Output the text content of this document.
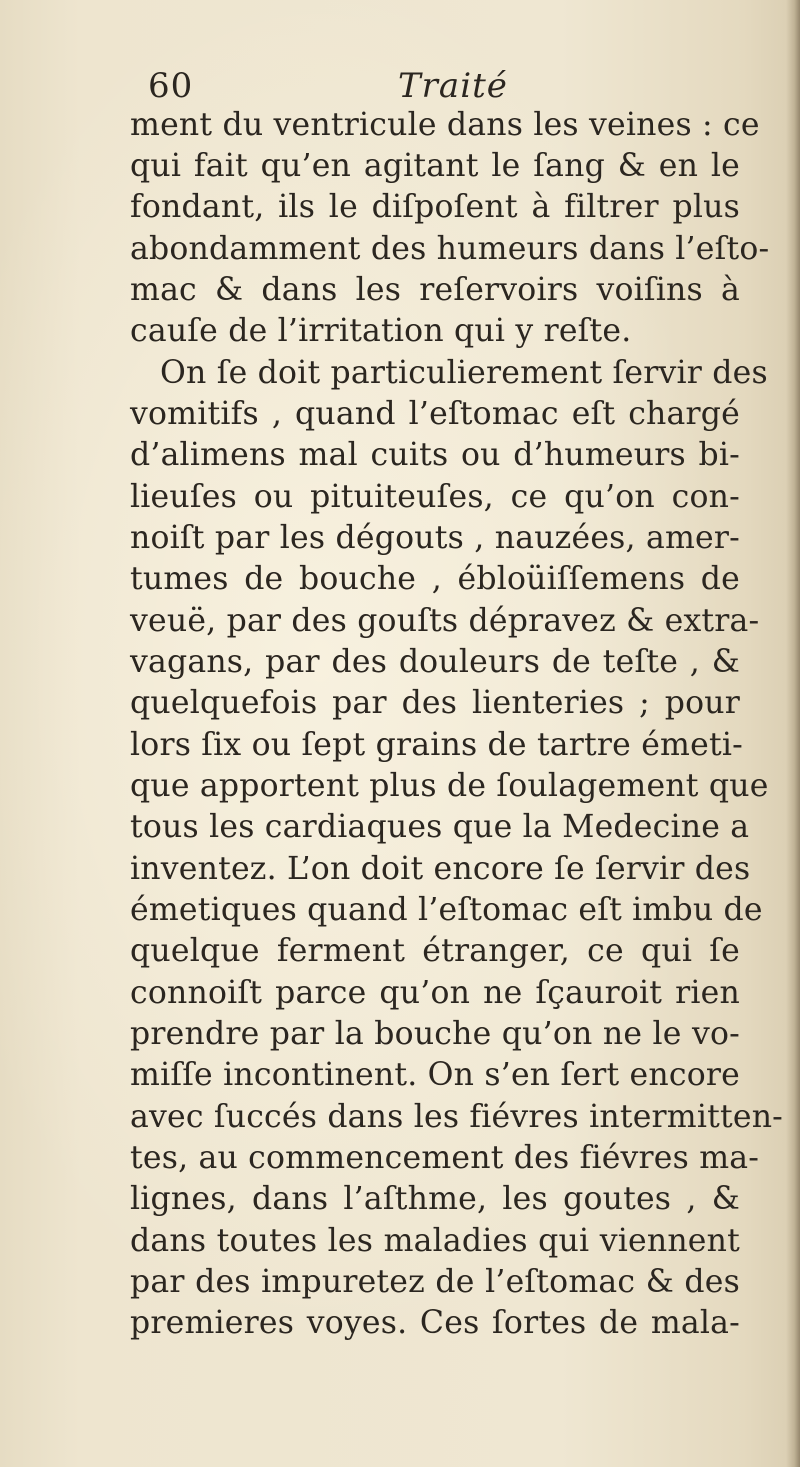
60	Traité
ment du ventricule dans les veines : ce
qui fait qu’en agitant le ſang & en le
fondant, ils le diſpoſent à filtrer plus
abondamment des humeurs dans l’eſto-
mac & dans les reſervoirs voiſins à
cauſe de l’irritation qui y reſte.
On ſe doit particulierement ſervir des
vomitifs , quand l’eſtomac eſt chargé
d’alimens mal cuits ou d’humeurs bi-
lieuſes ou pituiteuſes, ce qu’on con-
noiſt par les dégouts , nauzées, amer-
tumes de bouche , ébloüiſſemens de
veuë, par des gouſts dépravez & extra-
vagans, par des douleurs de teſte , &
quelquefois par des lienteries ; pour
lors ſix ou ſept grains de tartre émeti-
que apportent plus de ſoulagement que
tous les cardiaques que la Medecine a
inventez. L’on doit encore ſe ſervir des
émetiques quand l’eſtomac eſt imbu de
quelque ferment étranger, ce qui ſe
connoiſt parce qu’on ne ſçauroit rien
prendre par la bouche qu’on ne le vo-
miſſe incontinent. On s’en ſert encore
avec ſuccés dans les fiévres intermitten-
tes, au commencement des fiévres ma-
lignes, dans l’aſthme, les goutes , &
dans toutes les maladies qui viennent
par des impuretez de l’eſtomac & des
premieres voyes. Ces ſortes de mala-
